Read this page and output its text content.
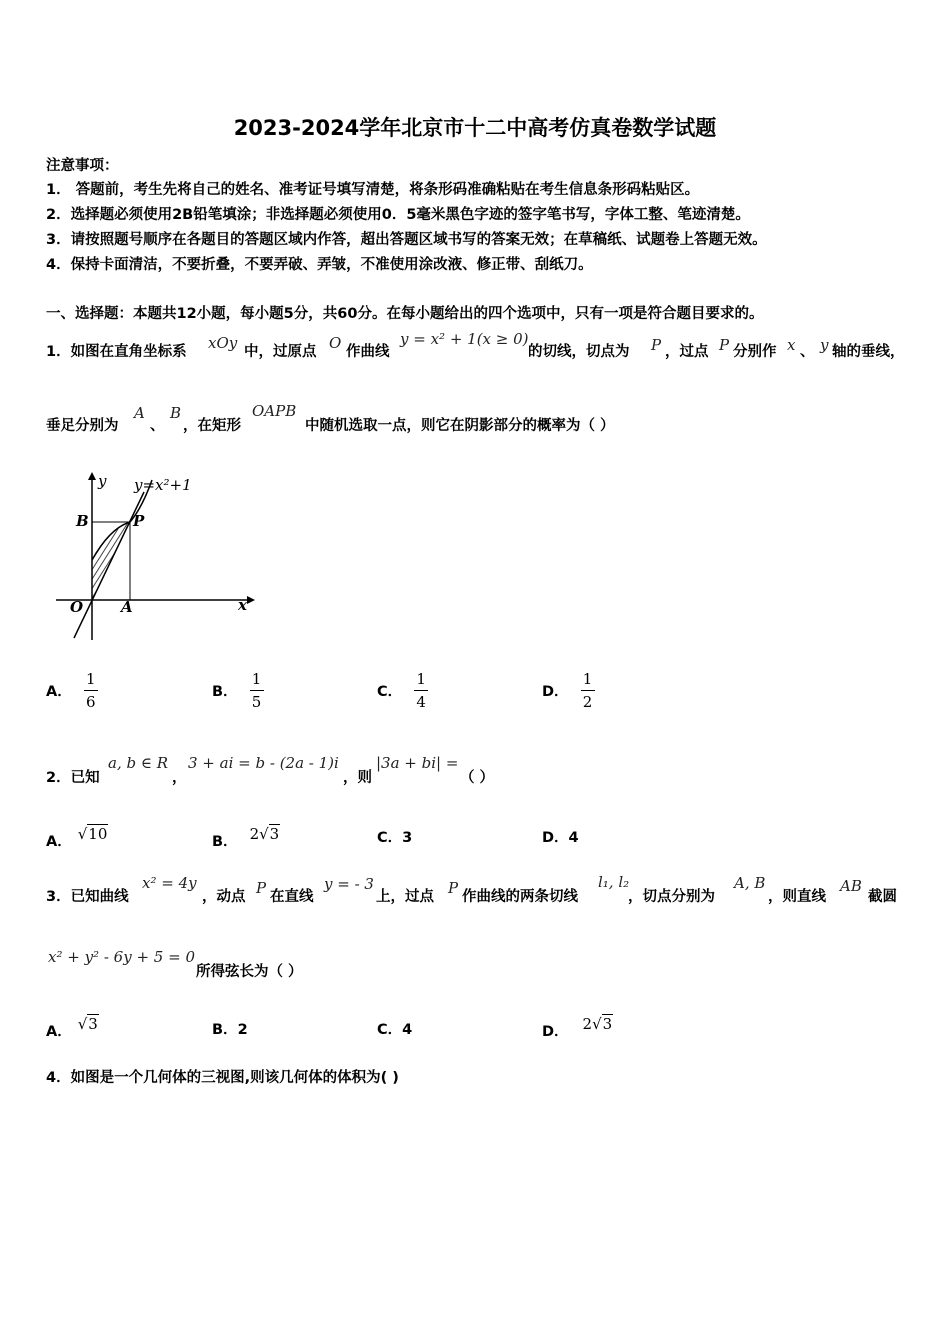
2023-2024学年北京市十二中高考仿真卷数学试题
注意事项：
1． 答题前，考生先将自己的姓名、准考证号填写清楚，将条形码准确粘贴在考生信息条形码粘贴区。
2．选择题必须使用2B铅笔填涂；非选择题必须使用0．5毫米黑色字迹的签字笔书写，字体工整、笔迹清楚。
3．请按照题号顺序在各题目的答题区域内作答，超出答题区域书写的答案无效；在草稿纸、试题卷上答题无效。
4．保持卡面清洁，不要折叠，不要弄破、弄皱，不准使用涂改液、修正带、刮纸刀。
一、选择题：本题共12小题，每小题5分，共60分。在每小题给出的四个选项中，只有一项是符合题目要求的。
1．如图在直角坐标系 xOy 中，过原点 O 作曲线
y = x² + 1(x ≥ 0)
的切线，切点为 P ，过点 P 分别作 x 、 y 轴的垂线，
垂足分别为
A
、
B
，在矩形
OAPB
中随机选取一点，则它在阴影部分的概率为（ ）
y=x²+1
y
x
B	P
O	A
A． $\frac{1}{6}$	B． $\frac{1}{5}$	C． $\frac{1}{4}$	D． $\frac{1}{2}$
2．已知
a, b ∈ R
，
3 + ai = b - (2a - 1)i
，则
|3a + bi| =
（ ）
A． √10	B． 2√3	C．3	D．4
3．已知曲线
x² = 4y
，动点 P 在直线
y = - 3
上，过点 P 作曲线的两条切线
l₁, l₂
，切点分别为
A, B
，则直线
AB
截圆
x² + y² - 6y + 5 = 0
所得弦长为（ ）
A． √3	B．2	C．4	D． 2√3
4．如图是一个几何体的三视图,则该几何体的体积为( )
